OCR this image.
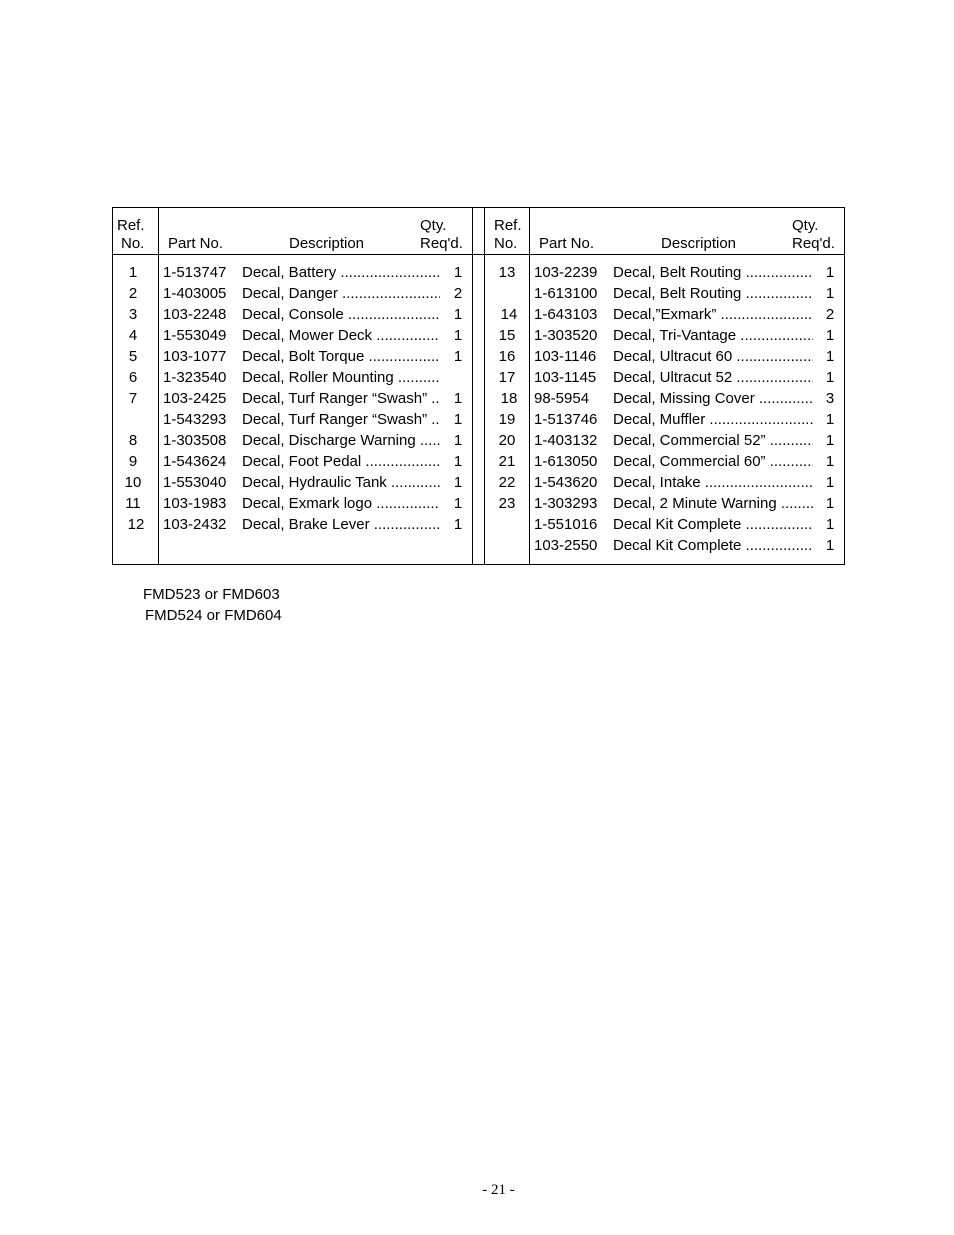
Ref.
No. Part No.	Description
Qty.
Req'd.
Ref.
No. Part No.	Description
Qty.
Req'd.
1	1-513747 Decal, Battery .....	1
2	1-403005 Decal, Danger .....	2
3	103-2248 Decal, Console .....	1
4	1-553049 Decal, Mower Deck .....	1
5	103-1077 Decal, Bolt Torque .....	1
6	1-323540 Decal, Roller Mounting .....
7	103-2425 Decal, Turf Ranger “Swash” .....	1
1-543293 Decal, Turf Ranger “Swash” .....	1
8	1-303508 Decal, Discharge Warning .....	1
9	1-543624 Decal, Foot Pedal .....	1
10	1-553040 Decal, Hydraulic Tank .....	1
11	103-1983 Decal, Exmark logo .....	1
12	103-2432 Decal, Brake Lever .....	1
13	103-2239 Decal, Belt Routing .....	1
1-613100 Decal, Belt Routing .....	1
14	1-643103 Decal,”Exmark” .....	2
15	1-303520 Decal, Tri-Vantage .....	1
16	103-1146 Decal, Ultracut 60 .....	1
17	103-1145 Decal, Ultracut 52 .....	1
18	98-5954 Decal, Missing Cover .....	3
19	1-513746 Decal, Muffler .....	1
20	1-403132 Decal, Commercial 52” .....	1
21	1-613050 Decal, Commercial 60” .....	1
22	1-543620 Decal, Intake .....	1
23	1-303293 Decal, 2 Minute Warning .....	1
1-551016 Decal Kit Complete .....	1
103-2550 Decal Kit Complete .....	1
FMD523 or FMD603
FMD524 or FMD604
- 21 -
